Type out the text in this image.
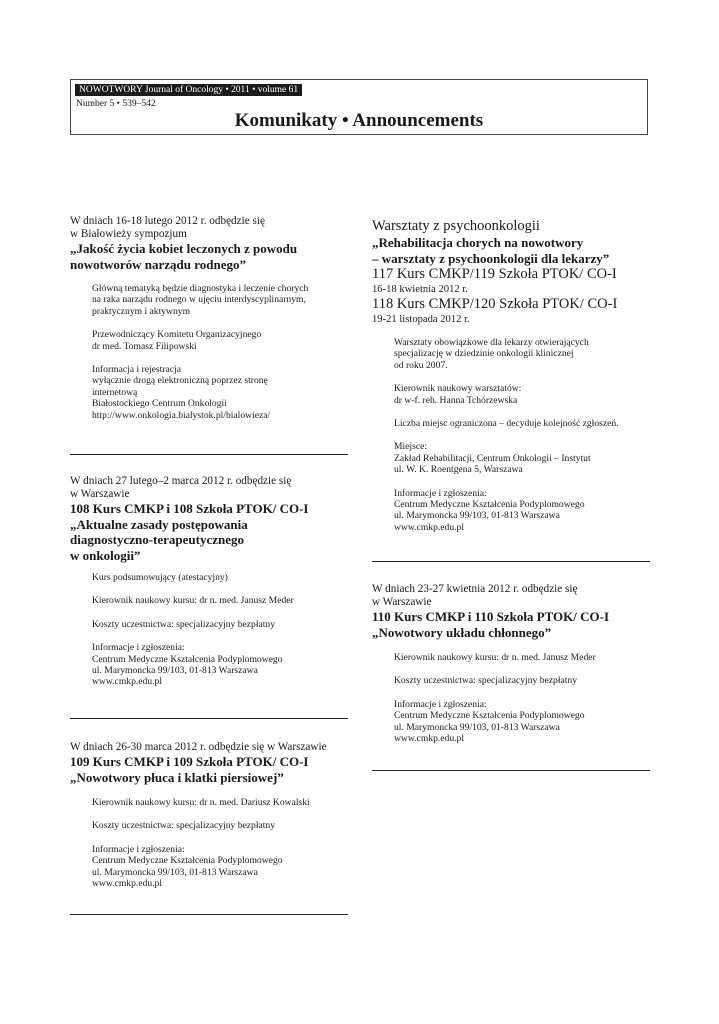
NOWOTWORY Journal of Oncology • 2011 • volume 61
Number 5 • 539–542
Komunikaty • Announcements
W dniach 16-18 lutego 2012 r. odbędzie się
w Białowieży sympozjum
„Jakość życia kobiet leczonych z powodu
nowotworów narządu rodnego”
Główną tematyką będzie diagnostyka i leczenie chorych
na raka narządu rodnego w ujęciu interdyscyplinarnym,
praktycznym i aktywnym
Przewodniczący Komitetu Organizacyjnego
dr med. Tomasz Filipowski
Informacja i rejestracja
wyłącznie drogą elektroniczną poprzez stronę
internetową
Białostockiego Centrum Onkologii
http://www.onkologia.bialystok.pl/bialowieza/
W dniach 27 lutego–2 marca 2012 r. odbędzie się
w Warszawie
108 Kurs CMKP i 108 Szkoła PTOK/ CO-I
„Aktualne zasady postępowania
diagnostyczno-terapeutycznego
w onkologii”
Kurs podsumowujący (atestacyjny)
Kierownik naukowy kursu: dr n. med. Janusz Meder
Koszty uczestnictwa: specjalizacyjny bezpłatny
Informacje i zgłoszenia:
Centrum Medyczne Kształcenia Podyplomowego
ul. Marymoncka 99/103, 01-813 Warszawa
www.cmkp.edu.pl
W dniach 26-30 marca 2012 r. odbędzie się w Warszawie
109 Kurs CMKP i 109 Szkoła PTOK/ CO-I
„Nowotwory płuca i klatki piersiowej”
Kierownik naukowy kursu: dr n. med. Dariusz Kowalski
Koszty uczestnictwa: specjalizacyjny bezpłatny
Informacje i zgłoszenia:
Centrum Medyczne Kształcenia Podyplomowego
ul. Marymoncka 99/103, 01-813 Warszawa
www.cmkp.edu.pl
Warsztaty z psychoonkologii
„Rehabilitacja chorych na nowotwory
– warsztaty z psychoonkologii dla lekarzy”
117 Kurs CMKP/119 Szkoła PTOK/ CO-I
16-18 kwietnia 2012 r.
118 Kurs CMKP/120 Szkoła PTOK/ CO-I
19-21 listopada 2012 r.
Warsztaty obowiązkowe dla lekarzy otwierających
specjalizację w dziedzinie onkologii klinicznej
od roku 2007.
Kierownik naukowy warsztatów:
dr w-f. reh. Hanna Tchórzewska
Liczba miejsc ograniczona – decyduje kolejność zgłoszeń.
Miejsce:
Zakład Rehabilitacji, Centrum Onkologii – Instytut
ul. W. K. Roentgena 5, Warszawa
Informacje i zgłoszenia:
Centrum Medyczne Kształcenia Podyplomowego
ul. Marymoncka 99/103, 01-813 Warszawa
www.cmkp.edu.pl
W dniach 23-27 kwietnia 2012 r. odbędzie się
w Warszawie
110 Kurs CMKP i 110 Szkoła PTOK/ CO-I
„Nowotwory układu chłonnego”
Kierownik naukowy kursu: dr n. med. Janusz Meder
Koszty uczestnictwa: specjalizacyjny bezpłatny
Informacje i zgłoszenia:
Centrum Medyczne Kształcenia Podyplomowego
ul. Marymoncka 99/103, 01-813 Warszawa
www.cmkp.edu.pl
